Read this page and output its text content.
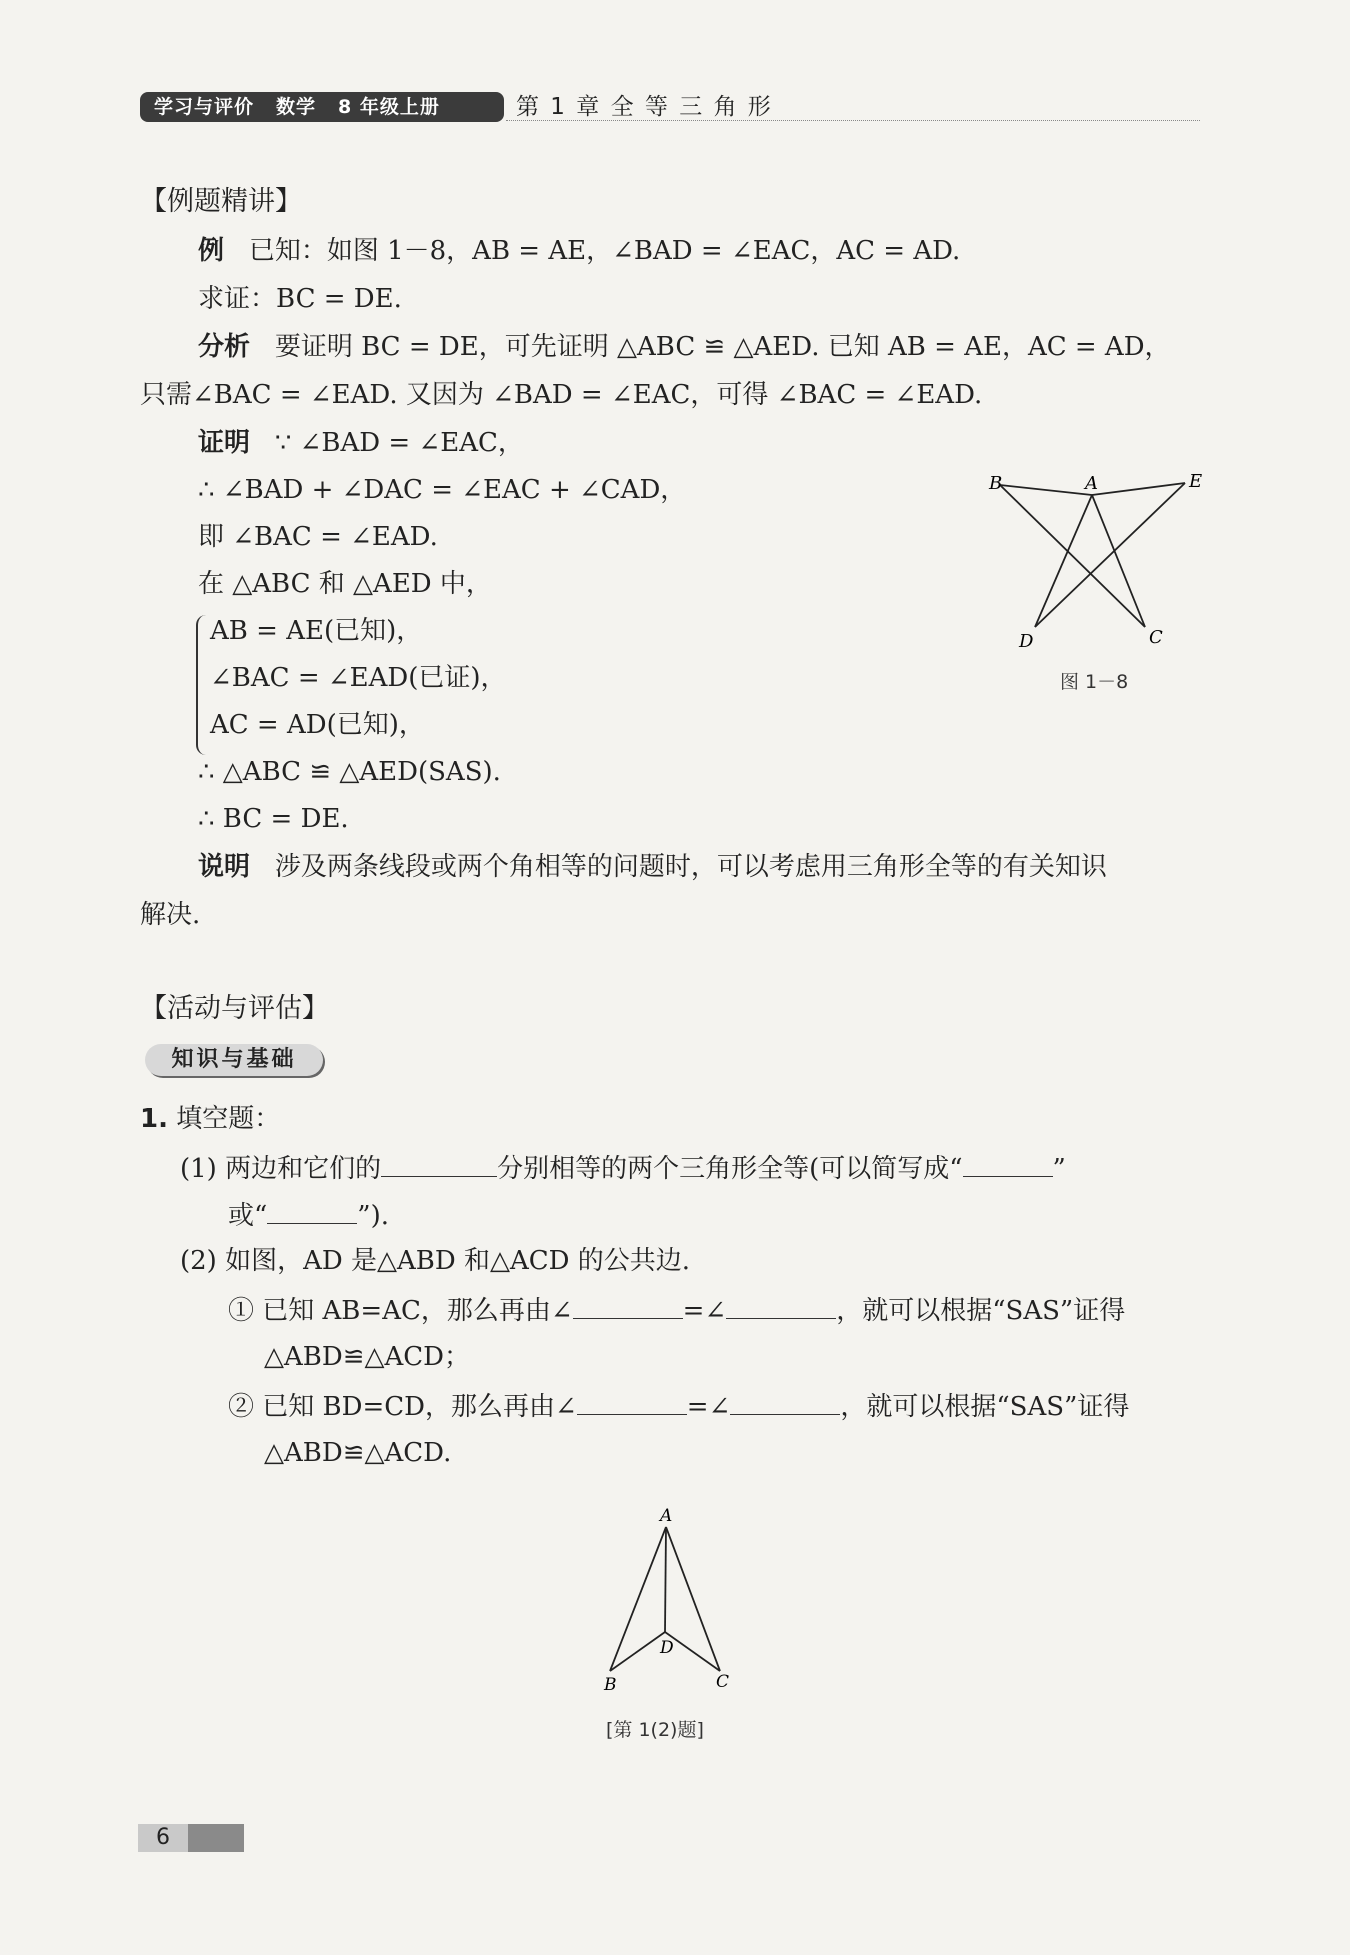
学习与评价 数学 8 年级上册	第 1 章 全 等 三 角 形
【例题精讲】
例 已知：如图 1－8，AB = AE，∠BAD = ∠EAC，AC = AD.
求证：BC = DE.
分析 要证明 BC = DE，可先证明 △ABC ≌ △AED. 已知 AB = AE，AC = AD，
只需∠BAC = ∠EAD. 又因为 ∠BAD = ∠EAC，可得 ∠BAC = ∠EAD.
证明 ∵ ∠BAD = ∠EAC，
∴ ∠BAD + ∠DAC = ∠EAC + ∠CAD，
即 ∠BAC = ∠EAD.
在 △ABC 和 △AED 中，
AB = AE(已知)，
∠BAC = ∠EAD(已证)，
AC = AD(已知)，
∴ △ABC ≌ △AED(SAS).
∴ BC = DE.
说明 涉及两条线段或两个角相等的问题时，可以考虑用三角形全等的有关知识
解决.
B	A	E
D	C
图 1－8
【活动与评估】
知识与基础
1. 填空题：
(1) 两边和它们的	分别相等的两个三角形全等(可以简写成“	”
或“	”).
(2) 如图，AD 是△ABD 和△ACD 的公共边.
① 已知 AB=AC，那么再由∠	=∠	，就可以根据“SAS”证得
△ABD≌△ACD；
② 已知 BD=CD，那么再由∠	=∠	，就可以根据“SAS”证得
△ABD≌△ACD.
A
D
B	C
[第 1(2)题]
6
